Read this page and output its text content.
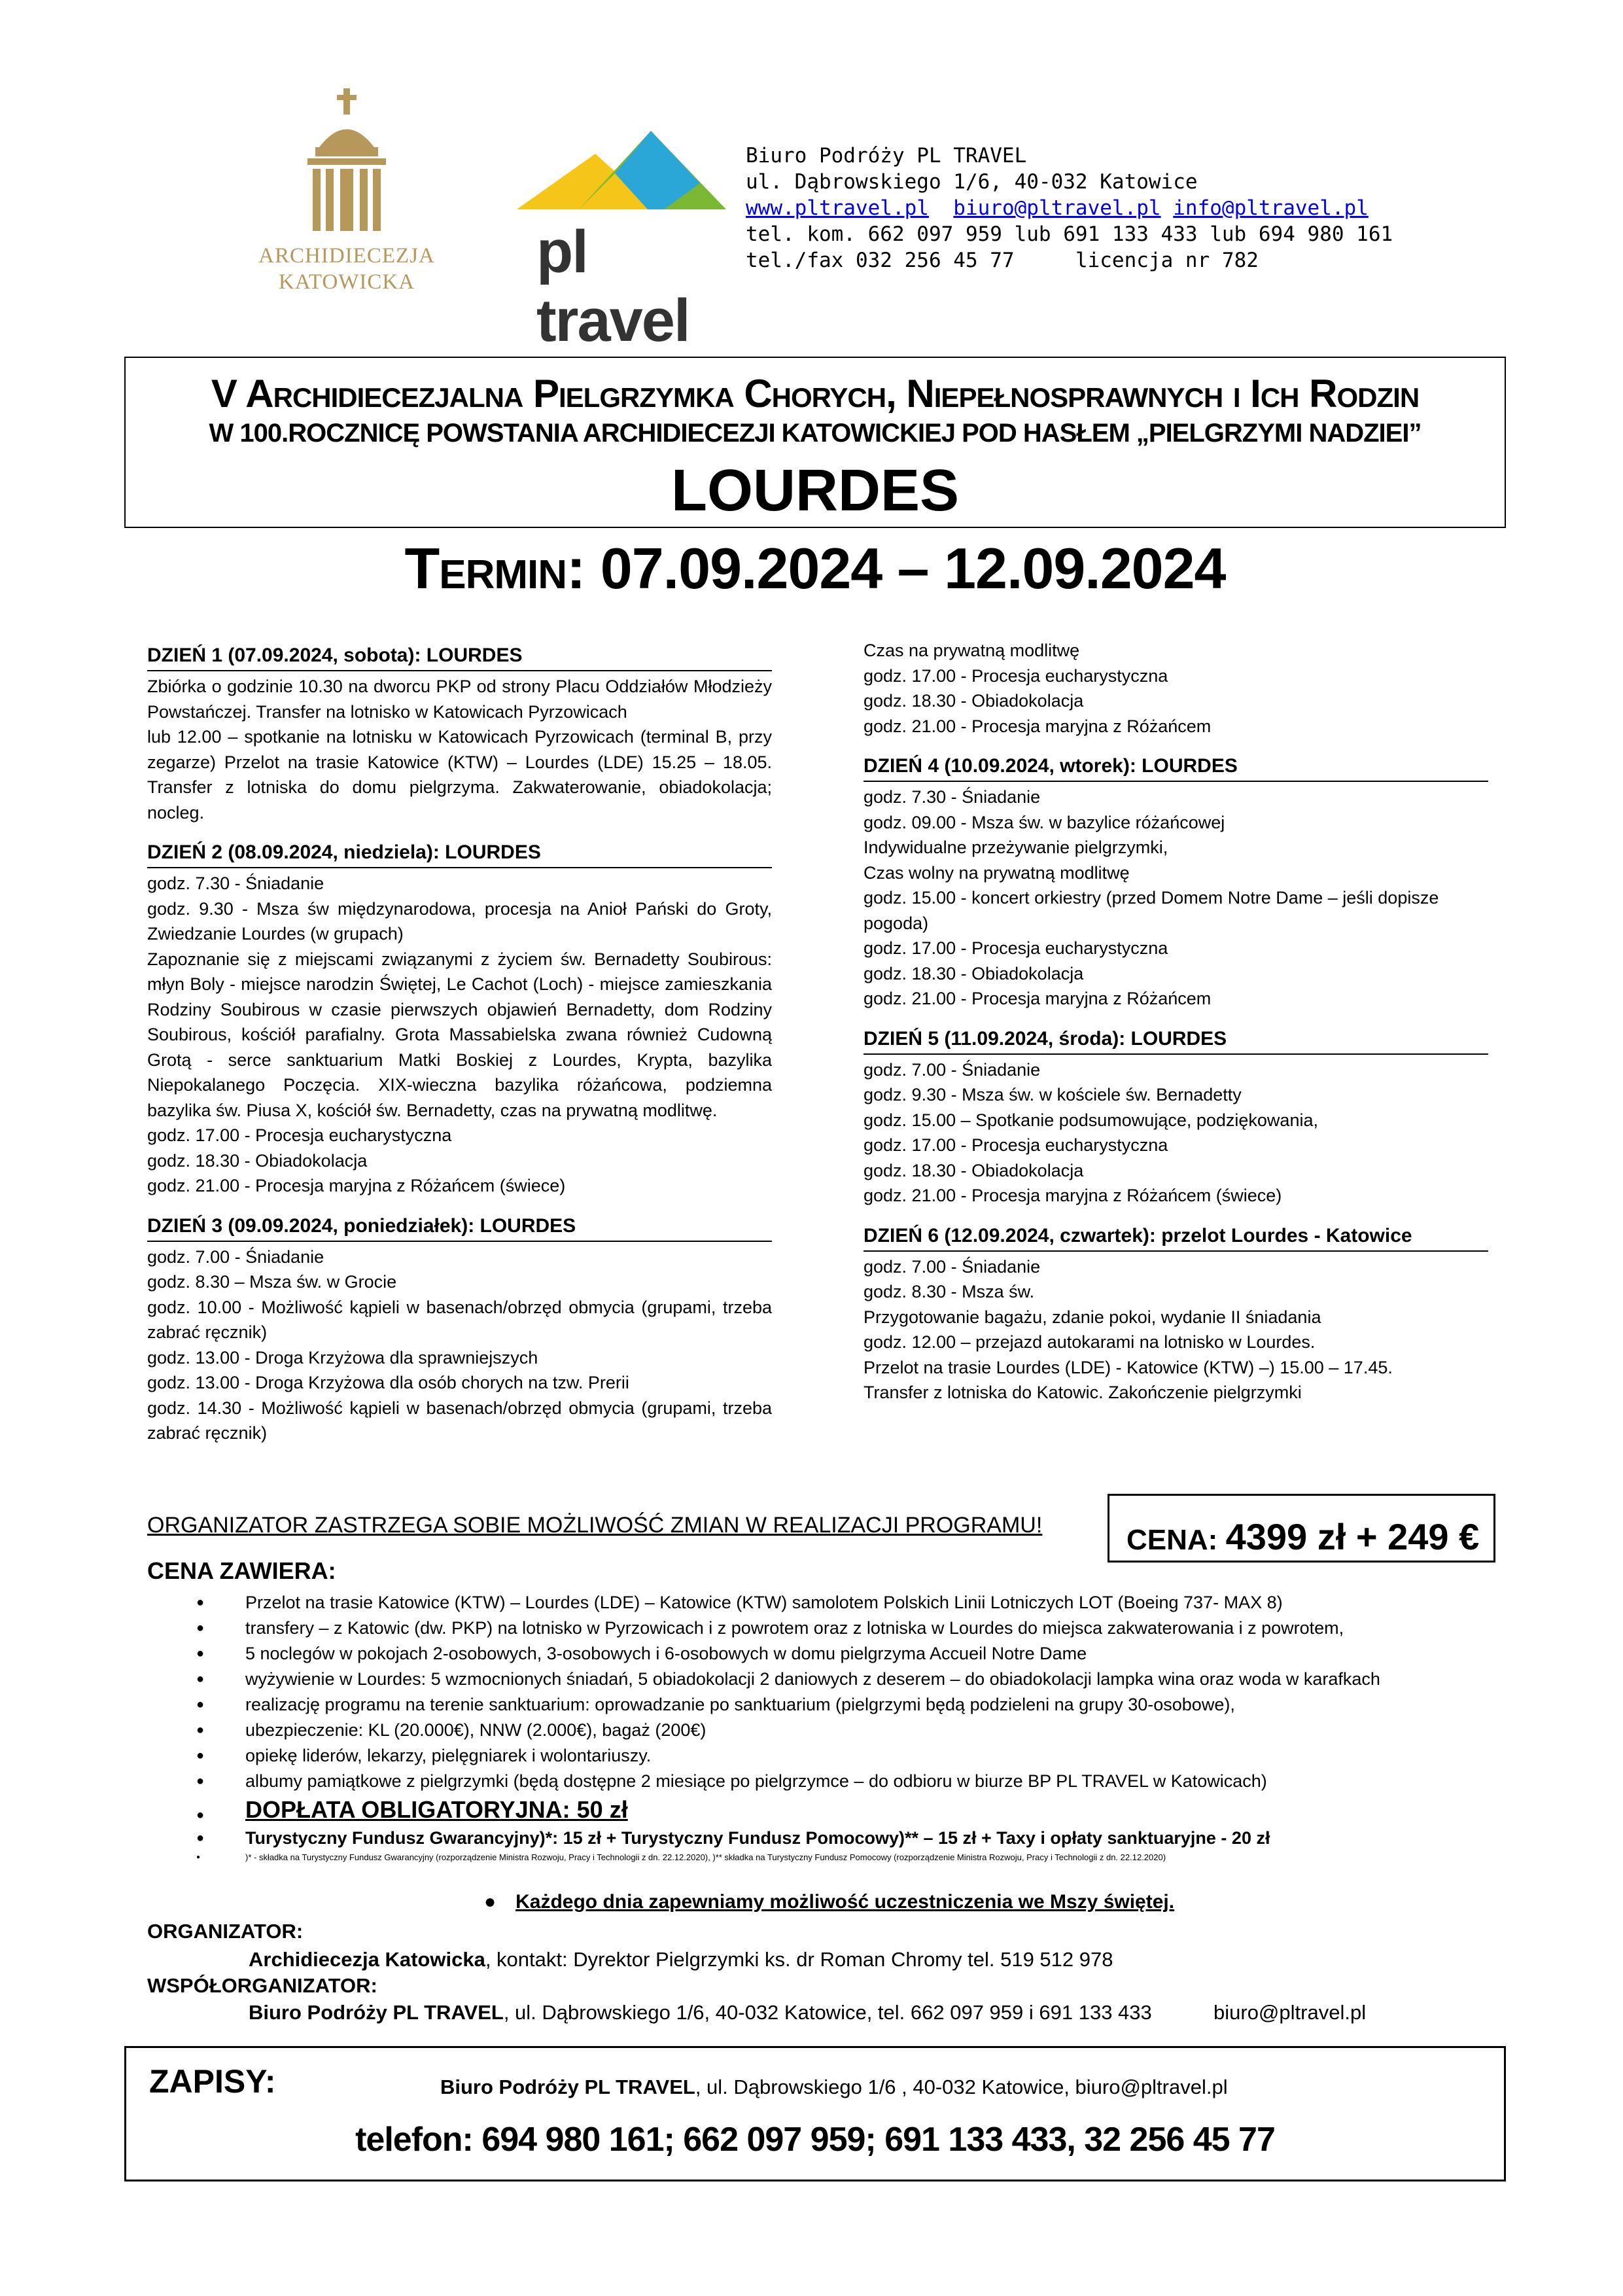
ARCHIDIECEZJA
KATOWICKA	pl travel
Biuro Podróży PL TRAVEL
ul. Dąbrowskiego 1/6, 40-032 Katowice
www.pltravel.pl biuro@pltravel.pl info@pltravel.pl
tel. kom. 662 097 959 lub 691 133 433 lub 694 980 161
tel./fax 032 256 45 77	licencja nr 782
V Archidiecezjalna Pielgrzymka Chorych, Niepełnosprawnych i Ich Rodzin
W 100.ROCZNICĘ POWSTANIA ARCHIDIECEZJI KATOWICKIEJ POD HASŁEM „PIELGRZYMI NADZIEI”
LOURDES
Termin: 07.09.2024 – 12.09.2024
DZIEŃ 1 (07.09.2024, sobota): LOURDES
Zbiórka o godzinie 10.30 na dworcu PKP od strony Placu Oddziałów Młodzieży Powstańczej. Transfer na lotnisko w Katowicach Pyrzowicach
lub 12.00 – spotkanie na lotnisku w Katowicach Pyrzowicach (terminal B, przy zegarze) Przelot na trasie Katowice (KTW) – Lourdes (LDE) 15.25 – 18.05. Transfer z lotniska do domu pielgrzyma. Zakwaterowanie, obiadokolacja; nocleg.
DZIEŃ 2 (08.09.2024, niedziela): LOURDES
godz. 7.30 - Śniadanie
godz. 9.30 - Msza św międzynarodowa, procesja na Anioł Pański do Groty, Zwiedzanie Lourdes (w grupach)
Zapoznanie się z miejscami związanymi z życiem św. Bernadetty Soubirous: młyn Boly - miejsce narodzin Świętej, Le Cachot (Loch) - miejsce zamieszkania Rodziny Soubirous w czasie pierwszych objawień Bernadetty, dom Rodziny Soubirous, kościół parafialny. Grota Massabielska zwana również Cudowną Grotą - serce sanktuarium Matki Boskiej z Lourdes, Krypta, bazylika Niepokalanego Poczęcia. XIX-wieczna bazylika różańcowa, podziemna bazylika św. Piusa X, kościół św. Bernadetty, czas na prywatną modlitwę.
godz. 17.00 - Procesja eucharystyczna
godz. 18.30 - Obiadokolacja
godz. 21.00 - Procesja maryjna z Różańcem (świece)
DZIEŃ 3 (09.09.2024, poniedziałek): LOURDES
godz. 7.00 - Śniadanie
godz. 8.30 – Msza św. w Grocie
godz. 10.00 - Możliwość kąpieli w basenach/obrzęd obmycia (grupami, trzeba zabrać ręcznik)
godz. 13.00 - Droga Krzyżowa dla sprawniejszych
godz. 13.00 - Droga Krzyżowa dla osób chorych na tzw. Prerii
godz. 14.30 - Możliwość kąpieli w basenach/obrzęd obmycia (grupami, trzeba zabrać ręcznik)
Czas na prywatną modlitwę
godz. 17.00 - Procesja eucharystyczna
godz. 18.30 - Obiadokolacja
godz. 21.00 - Procesja maryjna z Różańcem
DZIEŃ 4 (10.09.2024, wtorek): LOURDES
godz. 7.30 - Śniadanie
godz. 09.00 - Msza św. w bazylice różańcowej
Indywidualne przeżywanie pielgrzymki,
Czas wolny na prywatną modlitwę
godz. 15.00 - koncert orkiestry (przed Domem Notre Dame – jeśli dopisze pogoda)
godz. 17.00 - Procesja eucharystyczna
godz. 18.30 - Obiadokolacja
godz. 21.00 - Procesja maryjna z Różańcem
DZIEŃ 5 (11.09.2024, środa): LOURDES
godz. 7.00 - Śniadanie
godz. 9.30 - Msza św. w kościele św. Bernadetty
godz. 15.00 – Spotkanie podsumowujące, podziękowania,
godz. 17.00 - Procesja eucharystyczna
godz. 18.30 - Obiadokolacja
godz. 21.00 - Procesja maryjna z Różańcem (świece)
DZIEŃ 6 (12.09.2024, czwartek): przelot Lourdes - Katowice
godz. 7.00 - Śniadanie
godz. 8.30 - Msza św.
Przygotowanie bagażu, zdanie pokoi, wydanie II śniadania
godz. 12.00 – przejazd autokarami na lotnisko w Lourdes.
Przelot na trasie Lourdes (LDE) - Katowice (KTW) –) 15.00 – 17.45.
Transfer z lotniska do Katowic. Zakończenie pielgrzymki
ORGANIZATOR ZASTRZEGA SOBIE MOŻLIWOŚĆ ZMIAN W REALIZACJI PROGRAMU!	CENA: 4399 zł + 249 €
CENA ZAWIERA:
● Przelot na trasie Katowice (KTW) – Lourdes (LDE) – Katowice (KTW) samolotem Polskich Linii Lotniczych LOT (Boeing 737- MAX 8)
● transfery – z Katowic (dw. PKP) na lotnisko w Pyrzowicach i z powrotem oraz z lotniska w Lourdes do miejsca zakwaterowania i z powrotem,
● 5 noclegów w pokojach 2-osobowych, 3-osobowych i 6-osobowych w domu pielgrzyma Accueil Notre Dame
● wyżywienie w Lourdes: 5 wzmocnionych śniadań, 5 obiadokolacji 2 daniowych z deserem – do obiadokolacji lampka wina oraz woda w karafkach
● realizację programu na terenie sanktuarium: oprowadzanie po sanktuarium (pielgrzymi będą podzieleni na grupy 30-osobowe),
● ubezpieczenie: KL (20.000€), NNW (2.000€), bagaż (200€)
● opiekę liderów, lekarzy, pielęgniarek i wolontariuszy.
● albumy pamiątkowe z pielgrzymki (będą dostępne 2 miesiące po pielgrzymce – do odbioru w biurze BP PL TRAVEL w Katowicach)
● DOPŁATA OBLIGATORYJNA: 50 zł
● Turystyczny Fundusz Gwarancyjny)*: 15 zł + Turystyczny Fundusz Pomocowy)** – 15 zł + Taxy i opłaty sanktuaryjne - 20 zł
● )* - składka na Turystyczny Fundusz Gwarancyjny (rozporządzenie Ministra Rozwoju, Pracy i Technologii z dn. 22.12.2020), )** składka na Turystyczny Fundusz Pomocowy (rozporządzenie Ministra Rozwoju, Pracy i Technologii z dn. 22.12.2020)
● Każdego dnia zapewniamy możliwość uczestniczenia we Mszy świętej.
ORGANIZATOR:
Archidiecezja Katowicka, kontakt: Dyrektor Pielgrzymki ks. dr Roman Chromy tel. 519 512 978
WSPÓŁORGANIZATOR:
Biuro Podróży PL TRAVEL, ul. Dąbrowskiego 1/6, 40-032 Katowice, tel. 662 097 959 i 691 133 433	biuro@pltravel.pl
ZAPISY:	Biuro Podróży PL TRAVEL, ul. Dąbrowskiego 1/6 , 40-032 Katowice, biuro@pltravel.pl
telefon: 694 980 161; 662 097 959; 691 133 433, 32 256 45 77
